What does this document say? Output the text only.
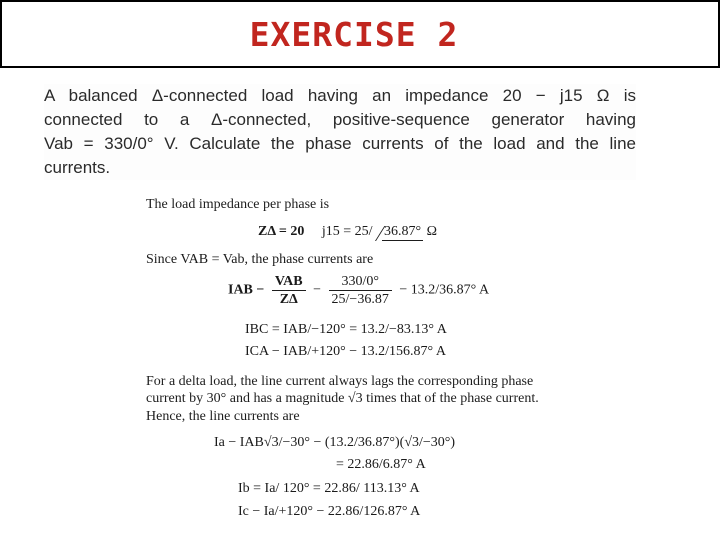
EXERCISE 2
A balanced Δ-connected load having an impedance 20 − j15 Ω is
connected to a Δ-connected, positive-sequence generator having
Vab = 330/0° V. Calculate the phase currents of the load and the line
currents.
The load impedance per phase is
ZΔ = 20 j15 = 25/ 36.87° Ω
Since VAB = Vab, the phase currents are
IAB − $\frac{\text{VAB}}{Z\Delta} - \frac{330/0^\circ}{25/-36.87} - 13.2/36.87^\circ$ A
IBC = IAB/−120° = 13.2/−83.13° A
ICA − IAB/+120° − 13.2/156.87° A
For a delta load, the line current always lags the corresponding phase
current by 30° and has a magnitude √3 times that of the phase current.
Hence, the line currents are
Ia − IAB√3/−30° − (13.2/36.87°)(√3/−30°)
= 22.86/6.87° A
Ib = Ia/ 120° = 22.86/ 113.13° A
Ic − Ia/+120° − 22.86/126.87° A
